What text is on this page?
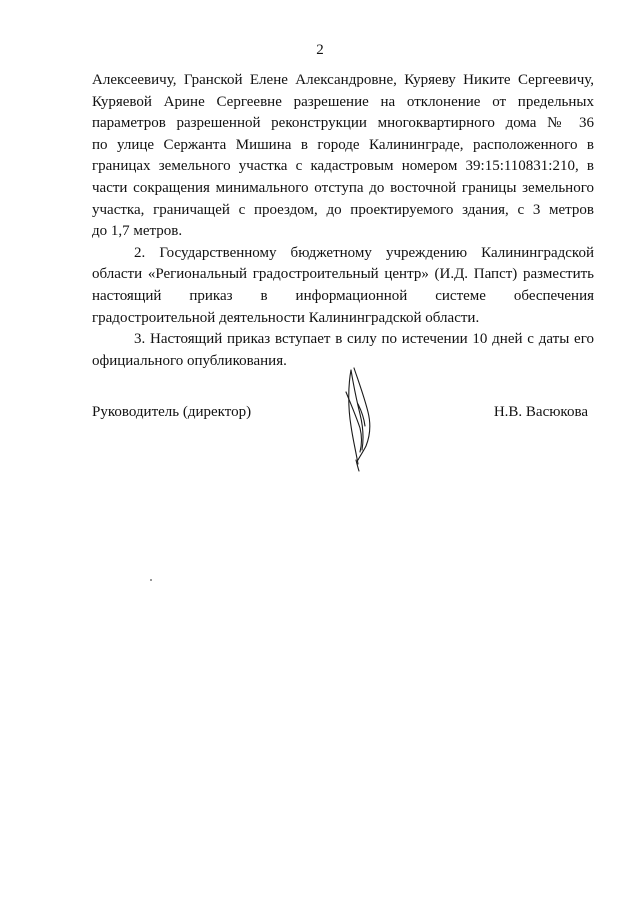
2

Алексеевичу, Гранской Елене Александровне, Куряеву Никите Сергеевичу,
Куряевой Арине Сергеевне разрешение на отклонение от предельных
параметров разрешенной реконструкции многоквартирного дома № 36
по улице Сержанта Мишина в городе Калининграде, расположенного в
границах земельного участка с кадастровым номером 39:15:110831:210, в
части сокращения минимального отступа до восточной границы земельного
участка, граничащей с проездом, до проектируемого здания, с 3 метров
до 1,7 метров.

2. Государственному бюджетному учреждению Калининградской
области «Региональный градостроительный центр» (И.Д. Папст) разместить
настоящий приказ в информационной системе обеспечения
градостроительной деятельности Калининградской области.

3. Настоящий приказ вступает в силу по истечении 10 дней с даты его
официального опубликования.

Руководитель (директор)	Н.В. Васюкова
